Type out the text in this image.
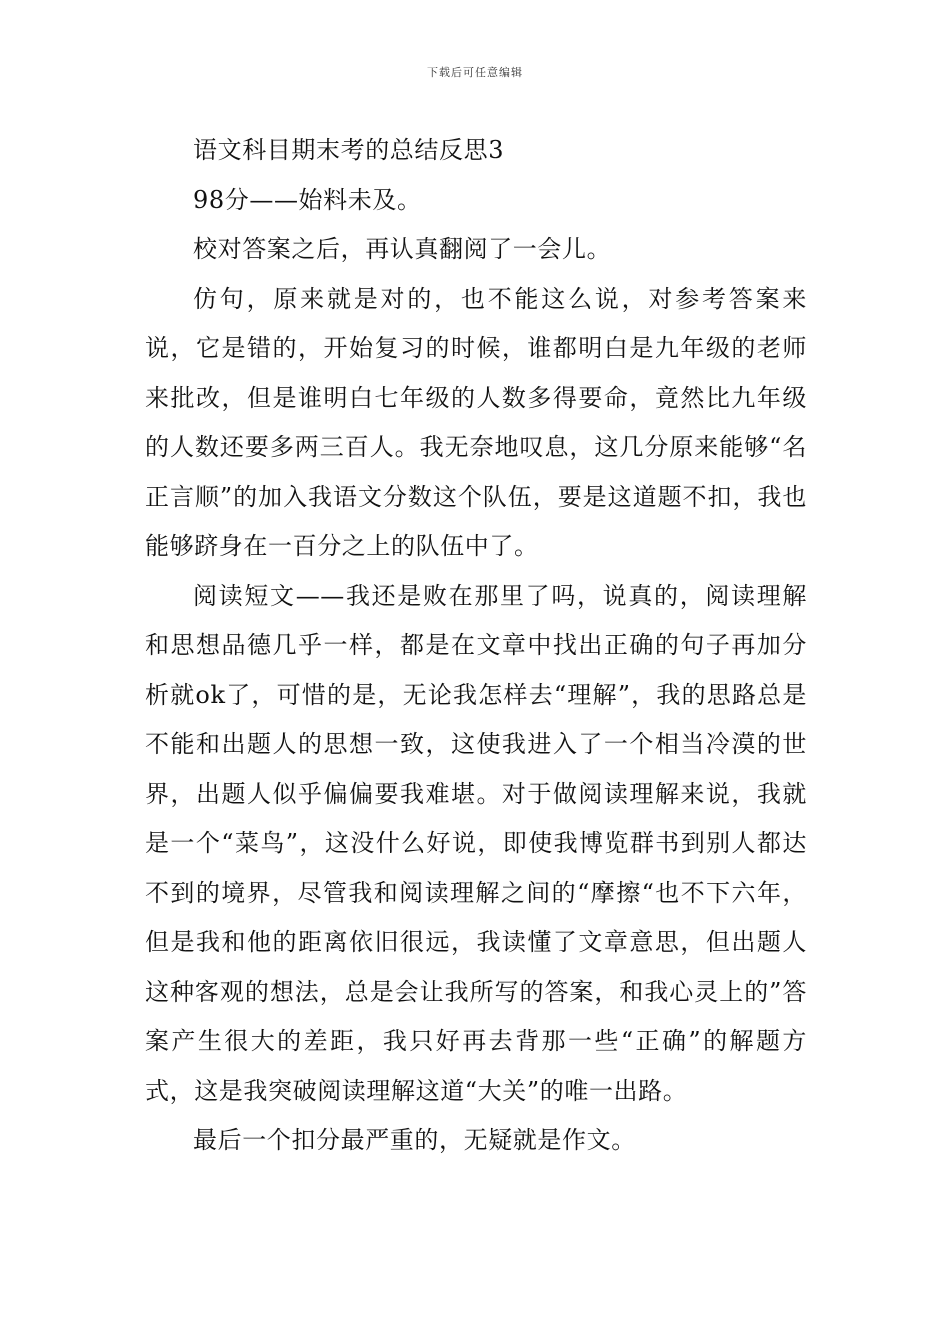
下载后可任意编辑

语文科目期末考的总结反思3

98分——始料未及。

校对答案之后，再认真翻阅了一会儿。

仿句，原来就是对的，也不能这么说，对参考答案来说，它是错的，开始复习的时候，谁都明白是九年级的老师来批改，但是谁明白七年级的人数多得要命，竟然比九年级的人数还要多两三百人。我无奈地叹息，这几分原来能够“名正言顺”的加入我语文分数这个队伍，要是这道题不扣，我也能够跻身在一百分之上的队伍中了。

阅读短文——我还是败在那里了吗，说真的，阅读理解和思想品德几乎一样，都是在文章中找出正确的句子再加分析就ok了，可惜的是，无论我怎样去“理解”，我的思路总是不能和出题人的思想一致，这使我进入了一个相当冷漠的世界，出题人似乎偏偏要我难堪。对于做阅读理解来说，我就是一个“菜鸟”，这没什么好说，即使我博览群书到别人都达不到的境界，尽管我和阅读理解之间的“摩擦“也不下六年，但是我和他的距离依旧很远，我读懂了文章意思，但出题人这种客观的想法，总是会让我所写的答案，和我心灵上的”答案产生很大的差距，我只好再去背那一些“正确”的解题方式，这是我突破阅读理解这道“大关”的唯一出路。

最后一个扣分最严重的，无疑就是作文。
